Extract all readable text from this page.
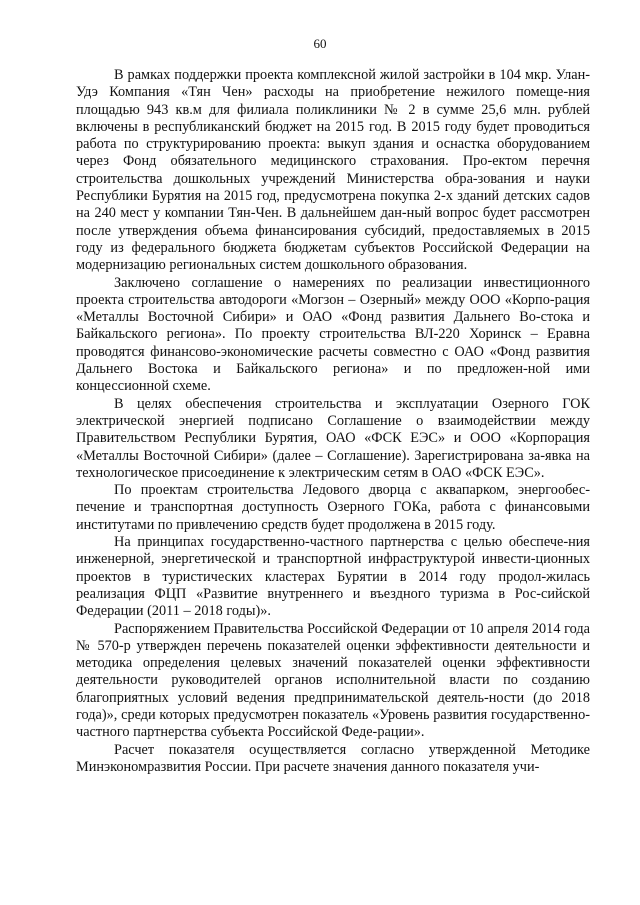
60

В рамках поддержки проекта комплексной жилой застройки в 104 мкр. Улан-Удэ Компания «Тян Чен» расходы на приобретение нежилого помеще-ния площадью 943 кв.м для филиала поликлиники № 2 в сумме 25,6 млн. рублей включены в республиканский бюджет на 2015 год. В 2015 году будет проводиться работа по структурированию проекта: выкуп здания и оснастка оборудованием через Фонд обязательного медицинского страхования. Про-ектом перечня строительства дошкольных учреждений Министерства обра-зования и науки Республики Бурятия на 2015 год, предусмотрена покупка 2-х зданий детских садов на 240 мест у компании Тян-Чен. В дальнейшем дан-ный вопрос будет рассмотрен после утверждения объема финансирования субсидий, предоставляемых в 2015 году из федерального бюджета бюджетам субъектов Российской Федерации на модернизацию региональных систем дошкольного образования.

Заключено соглашение о намерениях по реализации инвестиционного проекта строительства автодороги «Могзон – Озерный» между ООО «Корпо-рация «Металлы Восточной Сибири» и ОАО «Фонд развития Дальнего Во-стока и Байкальского региона». По проекту строительства ВЛ-220 Хоринск – Еравна проводятся финансово-экономические расчеты совместно с ОАО «Фонд развития Дальнего Востока и Байкальского региона» и по предложен-ной ими концессионной схеме.

В целях обеспечения строительства и эксплуатации Озерного ГОК электрической энергией подписано Соглашение о взаимодействии между Правительством Республики Бурятия, ОАО «ФСК ЕЭС» и ООО «Корпорация «Металлы Восточной Сибири» (далее – Соглашение). Зарегистрирована за-явка на технологическое присоединение к электрическим сетям в ОАО «ФСК ЕЭС».

По проектам строительства Ледового дворца с аквапарком, энергообес-печение и транспортная доступность Озерного ГОКа, работа с финансовыми институтами по привлечению средств будет продолжена в 2015 году.

На принципах государственно-частного партнерства с целью обеспече-ния инженерной, энергетической и транспортной инфраструктурой инвести-ционных проектов в туристических кластерах Бурятии в 2014 году продол-жилась реализация ФЦП «Развитие внутреннего и въездного туризма в Рос-сийской Федерации (2011 – 2018 годы)».

Распоряжением Правительства Российской Федерации от 10 апреля 2014 года № 570-р утвержден перечень показателей оценки эффективности деятельности и методика определения целевых значений показателей оценки эффективности деятельности руководителей органов исполнительной власти по созданию благоприятных условий ведения предпринимательской деятель-ности (до 2018 года)», среди которых предусмотрен показатель «Уровень развития государственно-частного партнерства субъекта Российской Феде-рации».

Расчет показателя осуществляется согласно утвержденной Методике Минэкономразвития России. При расчете значения данного показателя учи-
